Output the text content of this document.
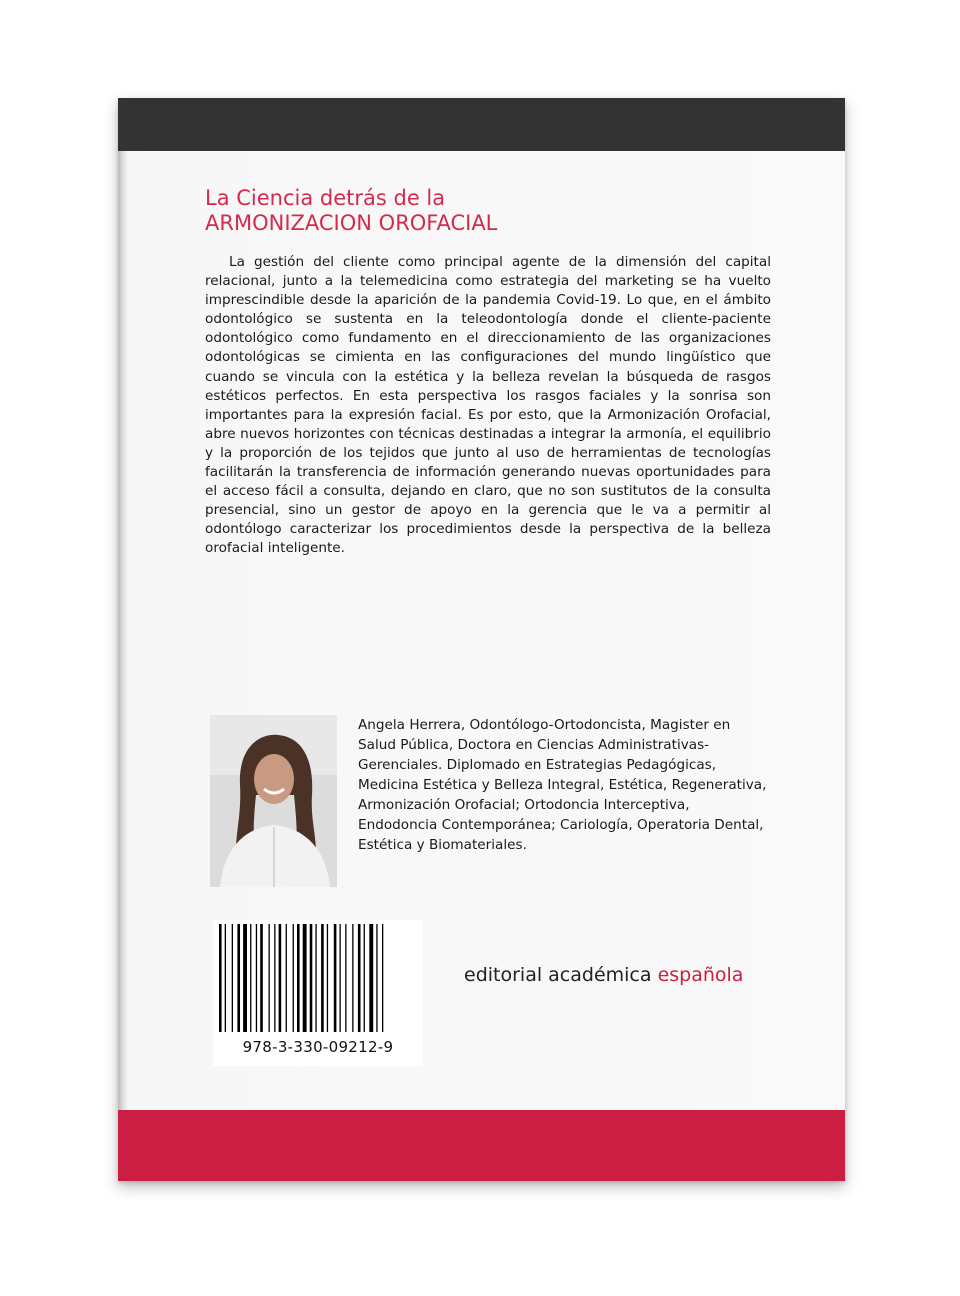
La Ciencia detrás de la
ARMONIZACION OROFACIAL
La gestión del cliente como principal agente de la dimensión del capital relacional, junto a la telemedicina como estrategia del marketing se ha vuelto imprescindible desde la aparición de la pandemia Covid-19. Lo que, en el ámbito odontológico se sustenta en la teleodontología donde el cliente-paciente odontológico como fundamento en el direccionamiento de las organizaciones odontológicas se cimienta en las configuraciones del mundo lingüístico que cuando se vincula con la estética y la belleza revelan la búsqueda de rasgos estéticos perfectos. En esta perspectiva los rasgos faciales y la sonrisa son importantes para la expresión facial. Es por esto, que la Armonización Orofacial, abre nuevos horizontes con técnicas destinadas a integrar la armonía, el equilibrio y la proporción de los tejidos que junto al uso de herramientas de tecnologías facilitarán la transferencia de información generando nuevas oportunidades para el acceso fácil a consulta, dejando en claro, que no son sustitutos de la consulta presencial, sino un gestor de apoyo en la gerencia que le va a permitir al odontólogo caracterizar los procedimientos desde la perspectiva de la belleza orofacial inteligente.
Angela Herrera, Odontólogo-Ortodoncista, Magister en Salud Pública, Doctora en Ciencias Administrativas-Gerenciales. Diplomado en Estrategias Pedagógicas, Medicina Estética y Belleza Integral, Estética, Regenerativa, Armonización Orofacial; Ortodoncia Interceptiva, Endodoncia Contemporánea; Cariología, Operatoria Dental, Estética y Biomateriales.
978-3-330-09212-9
editorial académica española
